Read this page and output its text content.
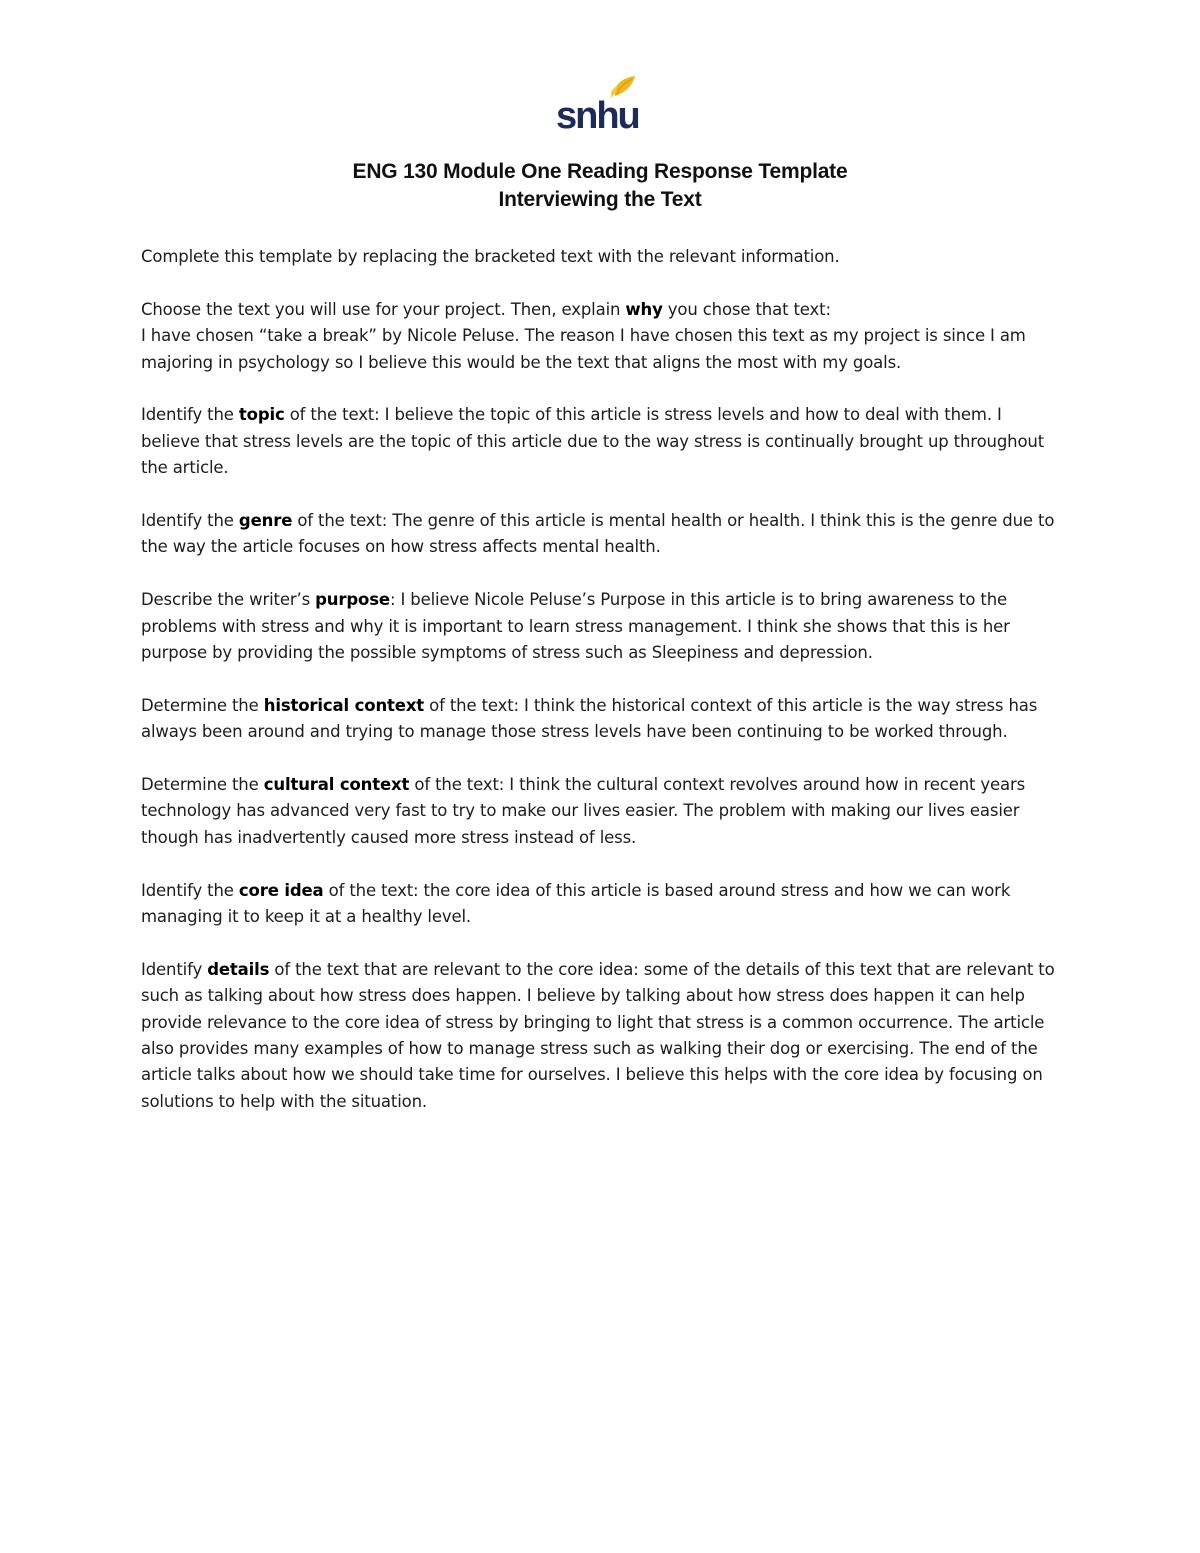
snhu
ENG 130 Module One Reading Response Template
Interviewing the Text

Complete this template by replacing the bracketed text with the relevant information.

Choose the text you will use for your project. Then, explain why you chose that text:
I have chosen “take a break” by Nicole Peluse. The reason I have chosen this text as my project is since I am majoring in psychology so I believe this would be the text that aligns the most with my goals.

Identify the topic of the text: I believe the topic of this article is stress levels and how to deal with them. I believe that stress levels are the topic of this article due to the way stress is continually brought up throughout the article.

Identify the genre of the text: The genre of this article is mental health or health. I think this is the genre due to the way the article focuses on how stress affects mental health.

Describe the writer’s purpose: I believe Nicole Peluse’s Purpose in this article is to bring awareness to the problems with stress and why it is important to learn stress management. I think she shows that this is her purpose by providing the possible symptoms of stress such as Sleepiness and depression.

Determine the historical context of the text: I think the historical context of this article is the way stress has always been around and trying to manage those stress levels have been continuing to be worked through.

Determine the cultural context of the text: I think the cultural context revolves around how in recent years technology has advanced very fast to try to make our lives easier. The problem with making our lives easier though has inadvertently caused more stress instead of less.

Identify the core idea of the text: the core idea of this article is based around stress and how we can work managing it to keep it at a healthy level.

Identify details of the text that are relevant to the core idea: some of the details of this text that are relevant to such as talking about how stress does happen. I believe by talking about how stress does happen it can help provide relevance to the core idea of stress by bringing to light that stress is a common occurrence. The article also provides many examples of how to manage stress such as walking their dog or exercising. The end of the article talks about how we should take time for ourselves. I believe this helps with the core idea by focusing on solutions to help with the situation.
